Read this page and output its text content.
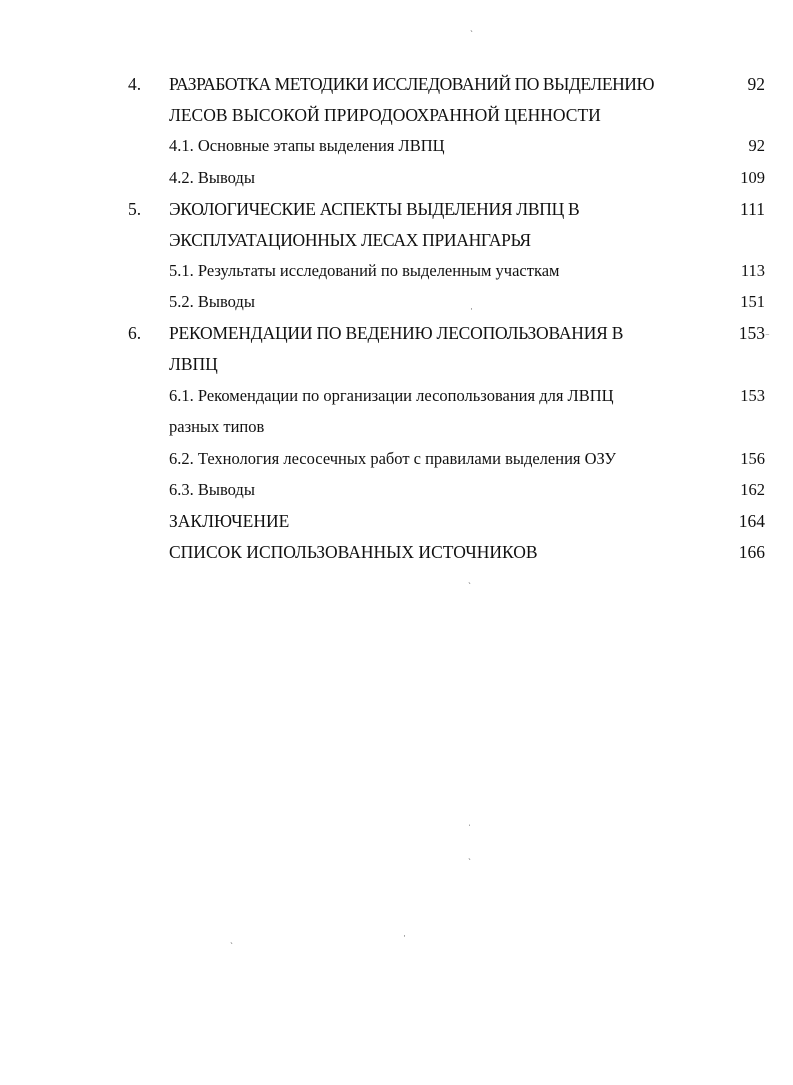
ˏ
·
⁻
ˏ
ˈ
ˏ
ˏ	·
4. РАЗРАБОТКА МЕТОДИКИ ИССЛЕДОВАНИЙ ПО ВЫДЕЛЕНИЮ	92
ЛЕСОВ ВЫСОКОЙ ПРИРОДООХРАННОЙ ЦЕННОСТИ
4.1. Основные этапы выделения ЛВПЦ	92
4.2. Выводы	109
5. ЭКОЛОГИЧЕСКИЕ АСПЕКТЫ ВЫДЕЛЕНИЯ ЛВПЦ В	111
ЭКСПЛУАТАЦИОННЫХ ЛЕСАХ ПРИАНГАРЬЯ
5.1. Результаты исследований по выделенным участкам	113
5.2. Выводы	151
6. РЕКОМЕНДАЦИИ ПО ВЕДЕНИЮ ЛЕСОПОЛЬЗОВАНИЯ В	153
ЛВПЦ
6.1. Рекомендации по организации лесопользования для ЛВПЦ	153
разных типов
6.2. Технология лесосечных работ с правилами выделения ОЗУ	156
6.3. Выводы	162
ЗАКЛЮЧЕНИЕ	164
СПИСОК ИСПОЛЬЗОВАННЫХ ИСТОЧНИКОВ	166
